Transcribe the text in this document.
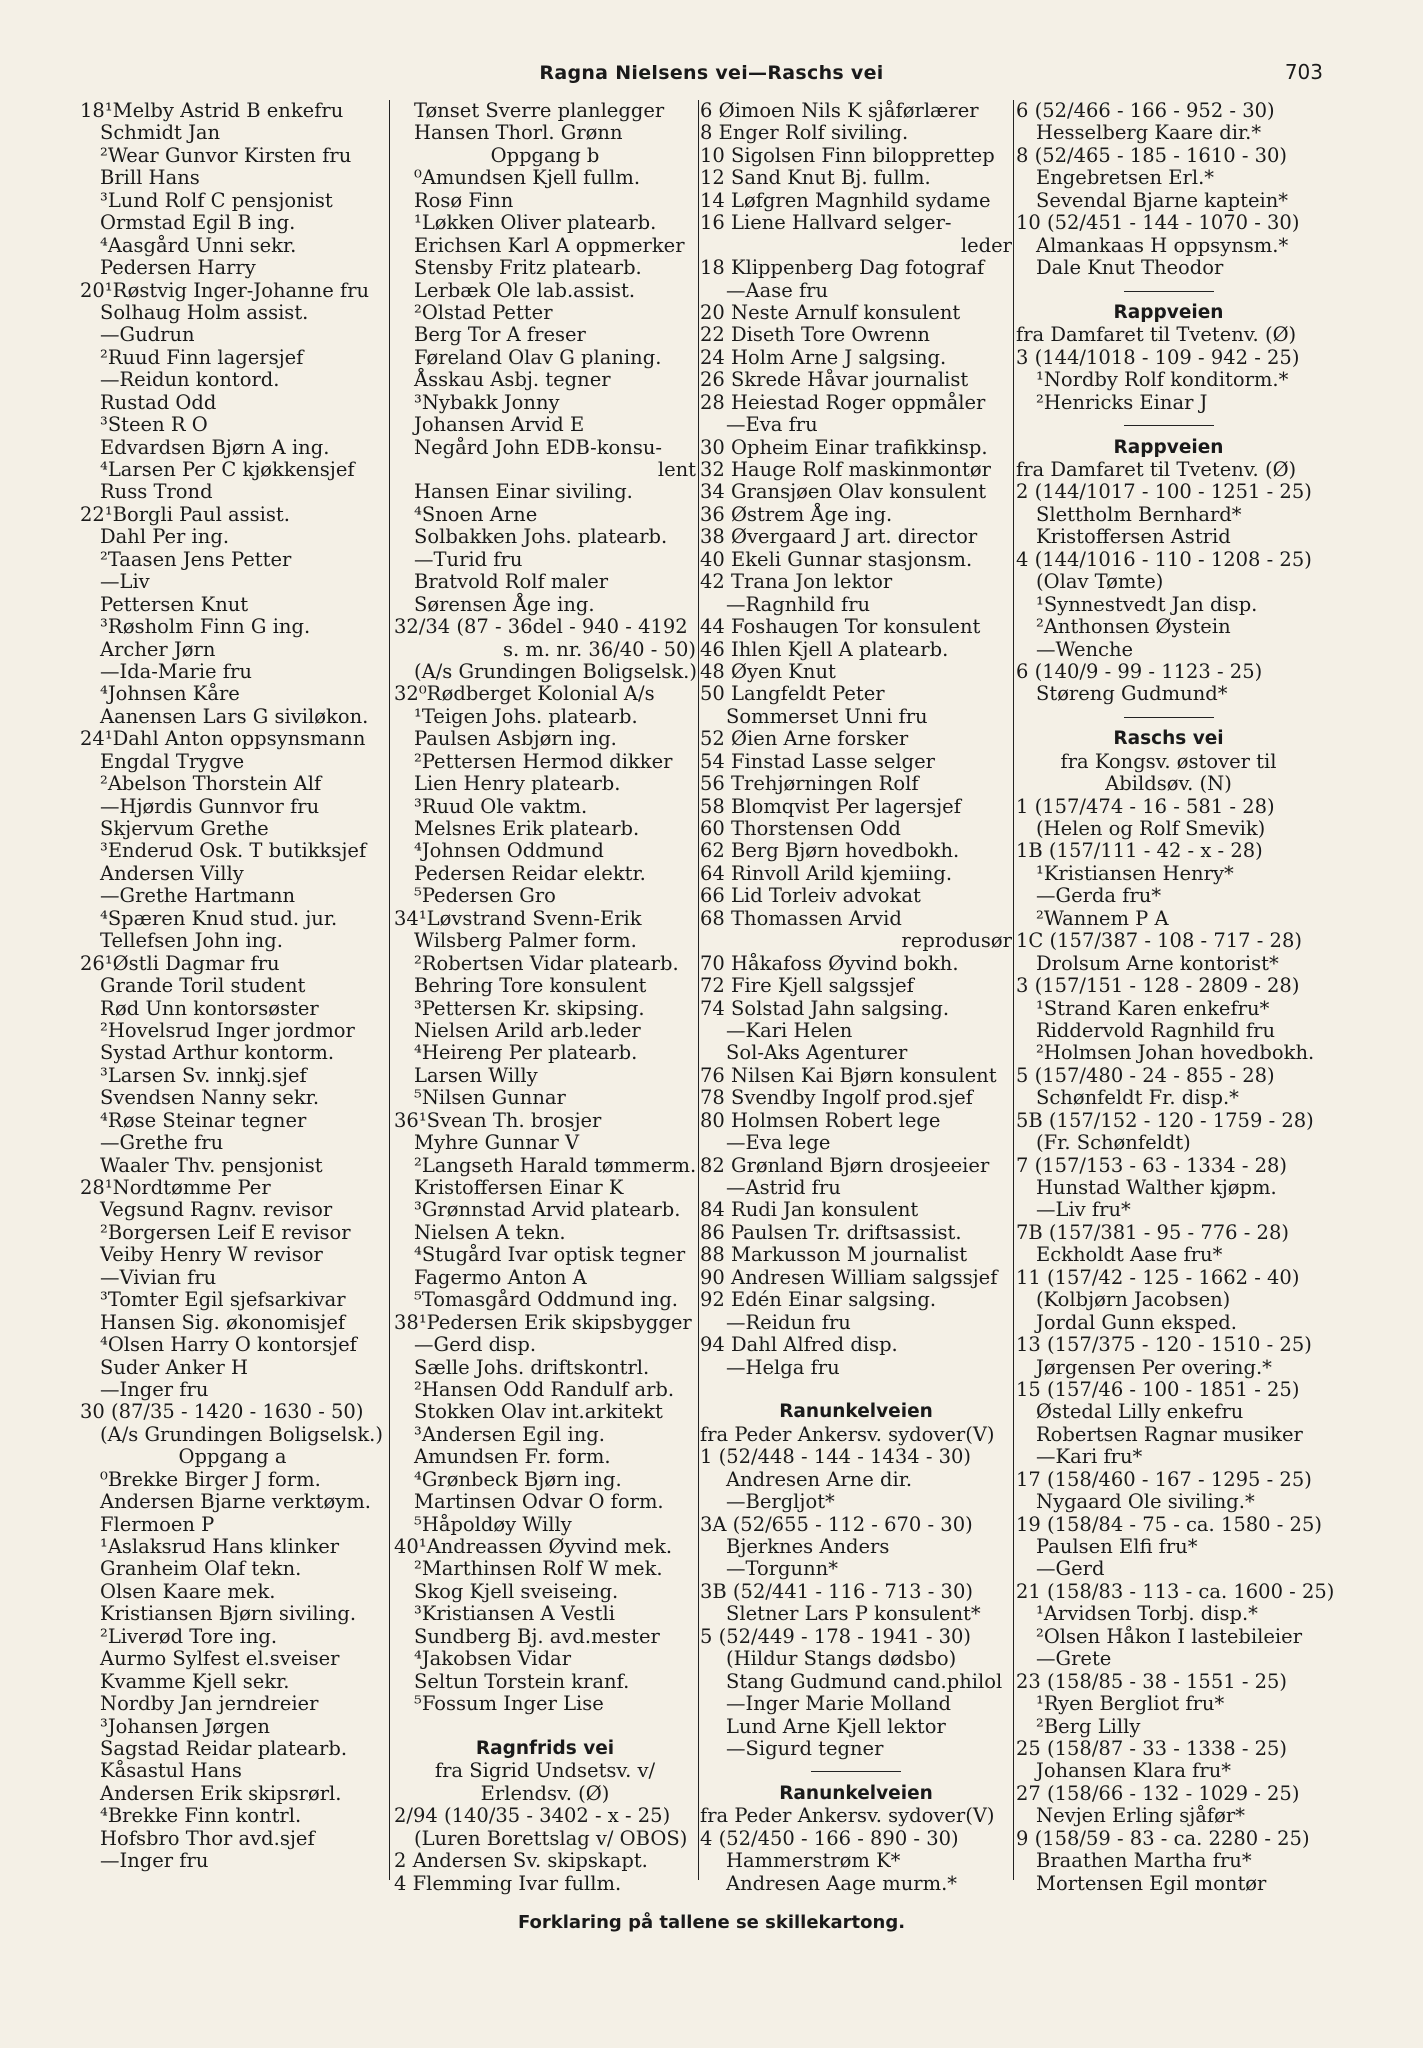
Ragna Nielsens vei—Raschs vei	703
18¹Melby Astrid B enkefru
Schmidt Jan
²Wear Gunvor Kirsten fru
Brill Hans
³Lund Rolf C pensjonist
Ormstad Egil B ing.
⁴Aasgård Unni sekr.
Pedersen Harry
20¹Røstvig Inger-Johanne fru
Solhaug Holm assist.
—Gudrun
²Ruud Finn lagersjef
—Reidun kontord.
Rustad Odd
³Steen R O
Edvardsen Bjørn A ing.
⁴Larsen Per C kjøkkensjef
Russ Trond
22¹Borgli Paul assist.
Dahl Per ing.
²Taasen Jens Petter
—Liv
Pettersen Knut
³Røsholm Finn G ing.
Archer Jørn
—Ida-Marie fru
⁴Johnsen Kåre
Aanensen Lars G siviløkon.
24¹Dahl Anton oppsynsmann
Engdal Trygve
²Abelson Thorstein Alf
—Hjørdis Gunnvor fru
Skjervum Grethe
³Enderud Osk. T butikksjef
Andersen Villy
—Grethe Hartmann
⁴Spæren Knud stud. jur.
Tellefsen John ing.
26¹Østli Dagmar fru
Grande Toril student
Rød Unn kontorsøster
²Hovelsrud Inger jordmor
Systad Arthur kontorm.
³Larsen Sv. innkj.sjef
Svendsen Nanny sekr.
⁴Røse Steinar tegner
—Grethe fru
Waaler Thv. pensjonist
28¹Nordtømme Per
Vegsund Ragnv. revisor
²Borgersen Leif E revisor
Veiby Henry W revisor
—Vivian fru
³Tomter Egil sjefsarkivar
Hansen Sig. økonomisjef
⁴Olsen Harry O kontorsjef
Suder Anker H
—Inger fru
30 (87/35 - 1420 - 1630 - 50)
(A/s Grundingen Boligselsk.)
Oppgang a
⁰Brekke Birger J form.
Andersen Bjarne verktøym.
Flermoen P
¹Aslaksrud Hans klinker
Granheim Olaf tekn.
Olsen Kaare mek.
Kristiansen Bjørn siviling.
²Liverød Tore ing.
Aurmo Sylfest el.sveiser
Kvamme Kjell sekr.
Nordby Jan jerndreier
³Johansen Jørgen
Sagstad Reidar platearb.
Kåsastul Hans
Andersen Erik skipsrørl.
⁴Brekke Finn kontrl.
Hofsbro Thor avd.sjef
—Inger fru
Tønset Sverre planlegger
Hansen Thorl. Grønn
Oppgang b
⁰Amundsen Kjell fullm.
Rosø Finn
¹Løkken Oliver platearb.
Erichsen Karl A oppmerker
Stensby Fritz platearb.
Lerbæk Ole lab.assist.
²Olstad Petter
Berg Tor A freser
Føreland Olav G planing.
Åsskau Asbj. tegner
³Nybakk Jonny
Johansen Arvid E
Negård John EDB-konsu-
lent
Hansen Einar siviling.
⁴Snoen Arne
Solbakken Johs. platearb.
—Turid fru
Bratvold Rolf maler
Sørensen Åge ing.
32/34 (87 - 36del - 940 - 4192
s. m. nr. 36/40 - 50)
(A/s Grundingen Boligselsk.)
32⁰Rødberget Kolonial A/s
¹Teigen Johs. platearb.
Paulsen Asbjørn ing.
²Pettersen Hermod dikker
Lien Henry platearb.
³Ruud Ole vaktm.
Melsnes Erik platearb.
⁴Johnsen Oddmund
Pedersen Reidar elektr.
⁵Pedersen Gro
34¹Løvstrand Svenn-Erik
Wilsberg Palmer form.
²Robertsen Vidar platearb.
Behring Tore konsulent
³Pettersen Kr. skipsing.
Nielsen Arild arb.leder
⁴Heireng Per platearb.
Larsen Willy
⁵Nilsen Gunnar
36¹Svean Th. brosjer
Myhre Gunnar V
²Langseth Harald tømmerm.
Kristoffersen Einar K
³Grønnstad Arvid platearb.
Nielsen A tekn.
⁴Stugård Ivar optisk tegner
Fagermo Anton A
⁵Tomasgård Oddmund ing.
38¹Pedersen Erik skipsbygger
—Gerd disp.
Sælle Johs. driftskontrl.
²Hansen Odd Randulf arb.
Stokken Olav int.arkitekt
³Andersen Egil ing.
Amundsen Fr. form.
⁴Grønbeck Bjørn ing.
Martinsen Odvar O form.
⁵Håpoldøy Willy
40¹Andreassen Øyvind mek.
²Marthinsen Rolf W mek.
Skog Kjell sveiseing.
³Kristiansen A Vestli
Sundberg Bj. avd.mester
⁴Jakobsen Vidar
Seltun Torstein kranf.
⁵Fossum Inger Lise
Ragnfrids vei
fra Sigrid Undsetsv. v/
Erlendsv. (Ø)
2/94 (140/35 - 3402 - x - 25)
(Luren Borettslag v/ OBOS)
2 Andersen Sv. skipskapt.
4 Flemming Ivar fullm.
6 Øimoen Nils K sjåførlærer
8 Enger Rolf siviling.
10 Sigolsen Finn bilopprettер
12 Sand Knut Bj. fullm.
14 Løfgren Magnhild sydame
16 Liene Hallvard selger-
leder
18 Klippenberg Dag fotograf
—Aase fru
20 Neste Arnulf konsulent
22 Diseth Tore Owrenn
24 Holm Arne J salgsing.
26 Skrede Håvar journalist
28 Heiestad Roger oppmåler
—Eva fru
30 Opheim Einar trafikkinsp.
32 Hauge Rolf maskinmontør
34 Gransjøen Olav konsulent
36 Østrem Åge ing.
38 Øvergaard J art. director
40 Ekeli Gunnar stasjonsm.
42 Trana Jon lektor
—Ragnhild fru
44 Foshaugen Tor konsulent
46 Ihlen Kjell A platearb.
48 Øyen Knut
50 Langfeldt Peter
Sommerset Unni fru
52 Øien Arne forsker
54 Finstad Lasse selger
56 Trehjørningen Rolf
58 Blomqvist Per lagersjef
60 Thorstensen Odd
62 Berg Bjørn hovedbokh.
64 Rinvoll Arild kjemiing.
66 Lid Torleiv advokat
68 Thomassen Arvid
reprodusør
70 Håkafoss Øyvind bokh.
72 Fire Kjell salgssjef
74 Solstad Jahn salgsing.
—Kari Helen
Sol-Aks Agenturer
76 Nilsen Kai Bjørn konsulent
78 Svendby Ingolf prod.sjef
80 Holmsen Robert lege
—Eva lege
82 Grønland Bjørn drosjeeier
—Astrid fru
84 Rudi Jan konsulent
86 Paulsen Tr. driftsassist.
88 Markusson M journalist
90 Andresen William salgssjef
92 Edén Einar salgsing.
—Reidun fru
94 Dahl Alfred disp.
—Helga fru
Ranunkelveien
fra Peder Ankersv. sydover(V)
1 (52/448 - 144 - 1434 - 30)
Andresen Arne dir.
—Bergljot*
3A (52/655 - 112 - 670 - 30)
Bjerknes Anders
—Torgunn*
3B (52/441 - 116 - 713 - 30)
Sletner Lars P konsulent*
5 (52/449 - 178 - 1941 - 30)
(Hildur Stangs dødsbo)
Stang Gudmund cand.philol
—Inger Marie Molland
Lund Arne Kjell lektor
—Sigurd tegner
Ranunkelveien
fra Peder Ankersv. sydover(V)
4 (52/450 - 166 - 890 - 30)
Hammerstrøm K*
Andresen Aage murm.*
6 (52/466 - 166 - 952 - 30)
Hesselberg Kaare dir.*
8 (52/465 - 185 - 1610 - 30)
Engebretsen Erl.*
Sevendal Bjarne kaptein*
10 (52/451 - 144 - 1070 - 30)
Almankaas H oppsynsm.*
Dale Knut Theodor
Rappveien
fra Damfaret til Tvetenv. (Ø)
3 (144/1018 - 109 - 942 - 25)
¹Nordby Rolf konditorm.*
²Henricks Einar J
Rappveien
fra Damfaret til Tvetenv. (Ø)
2 (144/1017 - 100 - 1251 - 25)
Slettholm Bernhard*
Kristoffersen Astrid
4 (144/1016 - 110 - 1208 - 25)
(Olav Tømte)
¹Synnestvedt Jan disp.
²Anthonsen Øystein
—Wenche
6 (140/9 - 99 - 1123 - 25)
Støreng Gudmund*
Raschs vei
fra Kongsv. østover til
Abildsøv. (N)
1 (157/474 - 16 - 581 - 28)
(Helen og Rolf Smevik)
1B (157/111 - 42 - x - 28)
¹Kristiansen Henry*
—Gerda fru*
²Wannem P A
1C (157/387 - 108 - 717 - 28)
Drolsum Arne kontorist*
3 (157/151 - 128 - 2809 - 28)
¹Strand Karen enkefru*
Riddervold Ragnhild fru
²Holmsen Johan hovedbokh.
5 (157/480 - 24 - 855 - 28)
Schønfeldt Fr. disp.*
5B (157/152 - 120 - 1759 - 28)
(Fr. Schønfeldt)
7 (157/153 - 63 - 1334 - 28)
Hunstad Walther kjøpm.
—Liv fru*
7B (157/381 - 95 - 776 - 28)
Eckholdt Aase fru*
11 (157/42 - 125 - 1662 - 40)
(Kolbjørn Jacobsen)
Jordal Gunn eksped.
13 (157/375 - 120 - 1510 - 25)
Jørgensen Per overing.*
15 (157/46 - 100 - 1851 - 25)
Østedal Lilly enkefru
Robertsen Ragnar musiker
—Kari fru*
17 (158/460 - 167 - 1295 - 25)
Nygaard Ole siviling.*
19 (158/84 - 75 - ca. 1580 - 25)
Paulsen Elfi fru*
—Gerd
21 (158/83 - 113 - ca. 1600 - 25)
¹Arvidsen Torbj. disp.*
²Olsen Håkon I lastebileier
—Grete
23 (158/85 - 38 - 1551 - 25)
¹Ryen Bergliot fru*
²Berg Lilly
25 (158/87 - 33 - 1338 - 25)
Johansen Klara fru*
27 (158/66 - 132 - 1029 - 25)
Nevjen Erling sjåfør*
9 (158/59 - 83 - ca. 2280 - 25)
Braathen Martha fru*
Mortensen Egil montør
Forklaring på tallene se skillekartong.
